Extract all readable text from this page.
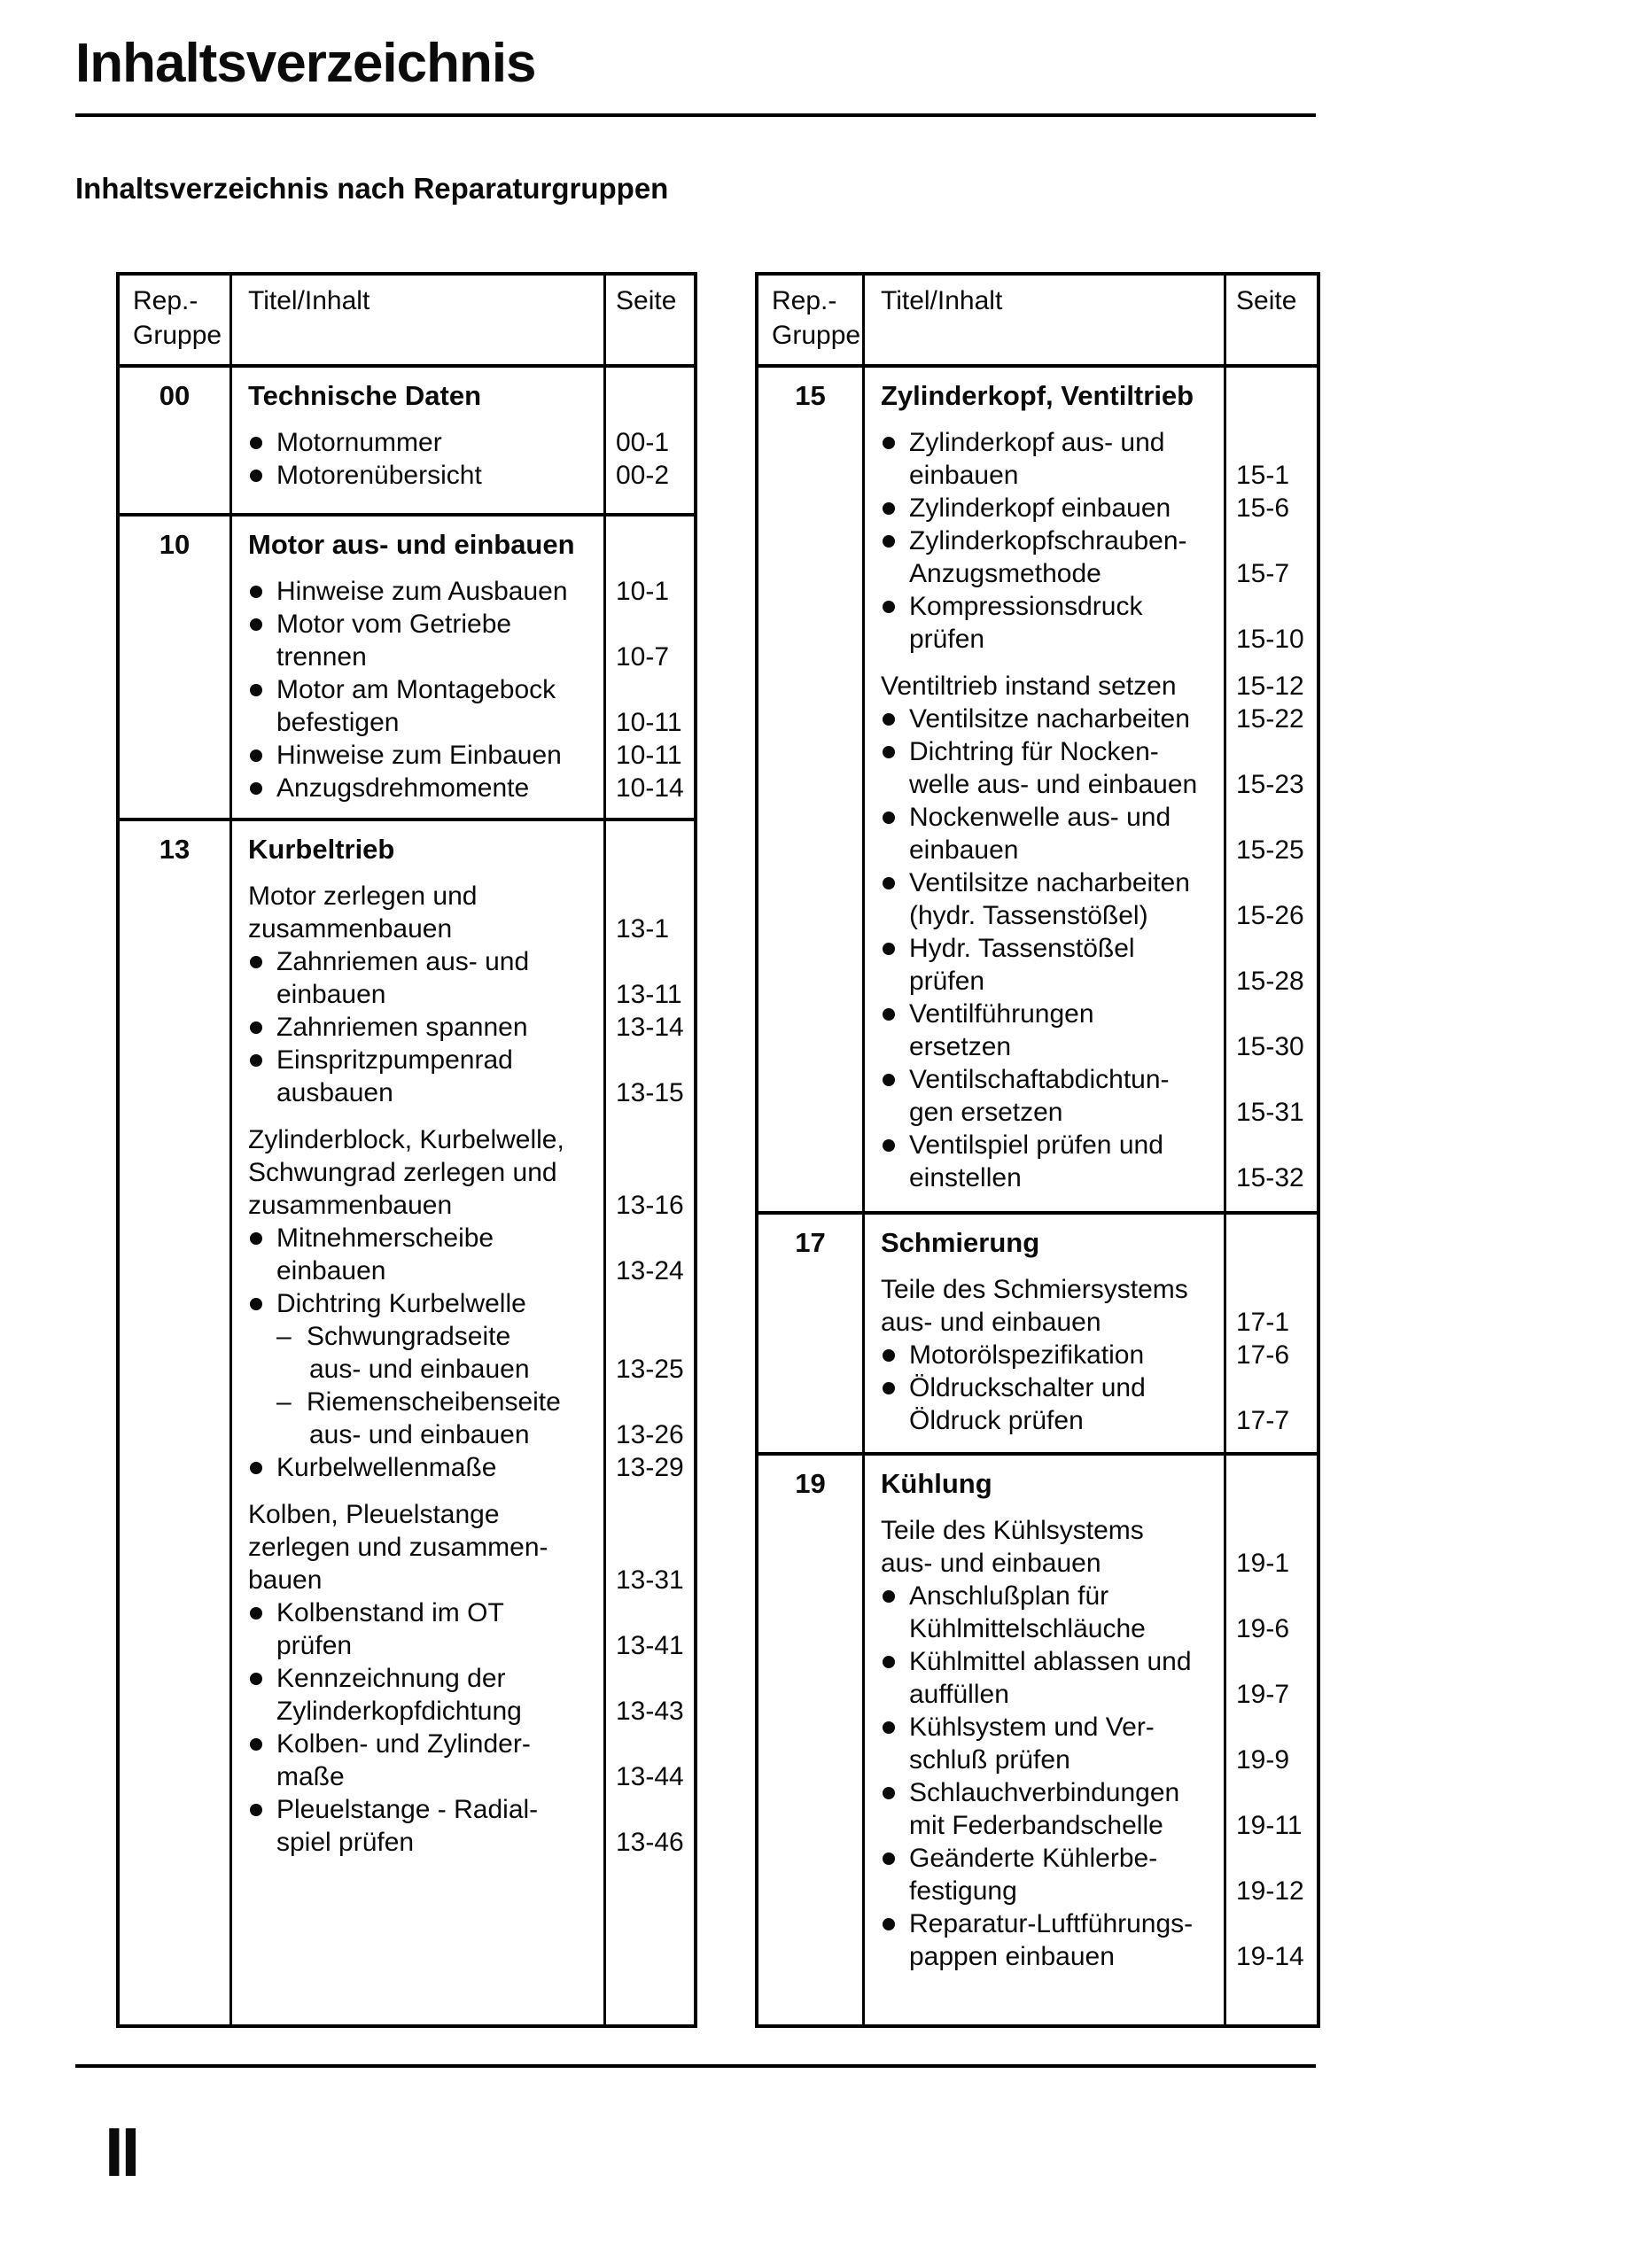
Inhaltsverzeichnis
Inhaltsverzeichnis nach Reparaturgruppen
Rep.-
Gruppe
Titel/Inhalt	Seite
00	Technische Daten
Motornummer	00-1
Motorenübersicht	00-2
10	Motor aus- und einbauen
Hinweise zum Ausbauen	10-1
Motor vom Getriebe
trennen	10-7
Motor am Montagebock
befestigen	10-11
Hinweise zum Einbauen	10-11
Anzugsdrehmomente	10-14
13	Kurbeltrieb
Motor zerlegen und
zusammenbauen	13-1
Zahnriemen aus- und
einbauen	13-11
Zahnriemen spannen	13-14
Einspritzpumpenrad
ausbauen	13-15
Zylinderblock, Kurbelwelle,
Schwungrad zerlegen und
zusammenbauen	13-16
Mitnehmerscheibe
einbauen	13-24
Dichtring Kurbelwelle
– Schwungradseite
aus- und einbauen	13-25
– Riemenscheibenseite
aus- und einbauen	13-26
Kurbelwellenmaße	13-29
Kolben, Pleuelstange
zerlegen und zusammen-
bauen	13-31
Kolbenstand im OT
prüfen	13-41
Kennzeichnung der
Zylinderkopfdichtung	13-43
Kolben- und Zylinder-
maße	13-44
Pleuelstange - Radial-
spiel prüfen	13-46
Rep.-
Gruppe
Titel/Inhalt	Seite
15	Zylinderkopf, Ventiltrieb
Zylinderkopf aus- und
einbauen	15-1
Zylinderkopf einbauen	15-6
Zylinderkopfschrauben-
Anzugsmethode	15-7
Kompressionsdruck
prüfen	15-10
Ventiltrieb instand setzen	15-12
Ventilsitze nacharbeiten	15-22
Dichtring für Nocken-
welle aus- und einbauen	15-23
Nockenwelle aus- und
einbauen	15-25
Ventilsitze nacharbeiten
(hydr. Tassenstößel)	15-26
Hydr. Tassenstößel
prüfen	15-28
Ventilführungen
ersetzen	15-30
Ventilschaftabdichtun-
gen ersetzen	15-31
Ventilspiel prüfen und
einstellen	15-32
17	Schmierung
Teile des Schmiersystems
aus- und einbauen	17-1
Motorölspezifikation	17-6
Öldruckschalter und
Öldruck prüfen	17-7
19	Kühlung
Teile des Kühlsystems
aus- und einbauen	19-1
Anschlußplan für
Kühlmittelschläuche	19-6
Kühlmittel ablassen und
auffüllen	19-7
Kühlsystem und Ver-
schluß prüfen	19-9
Schlauchverbindungen
mit Federbandschelle	19-11
Geänderte Kühlerbe-
festigung	19-12
Reparatur-Luftführungs-
pappen einbauen	19-14
II
